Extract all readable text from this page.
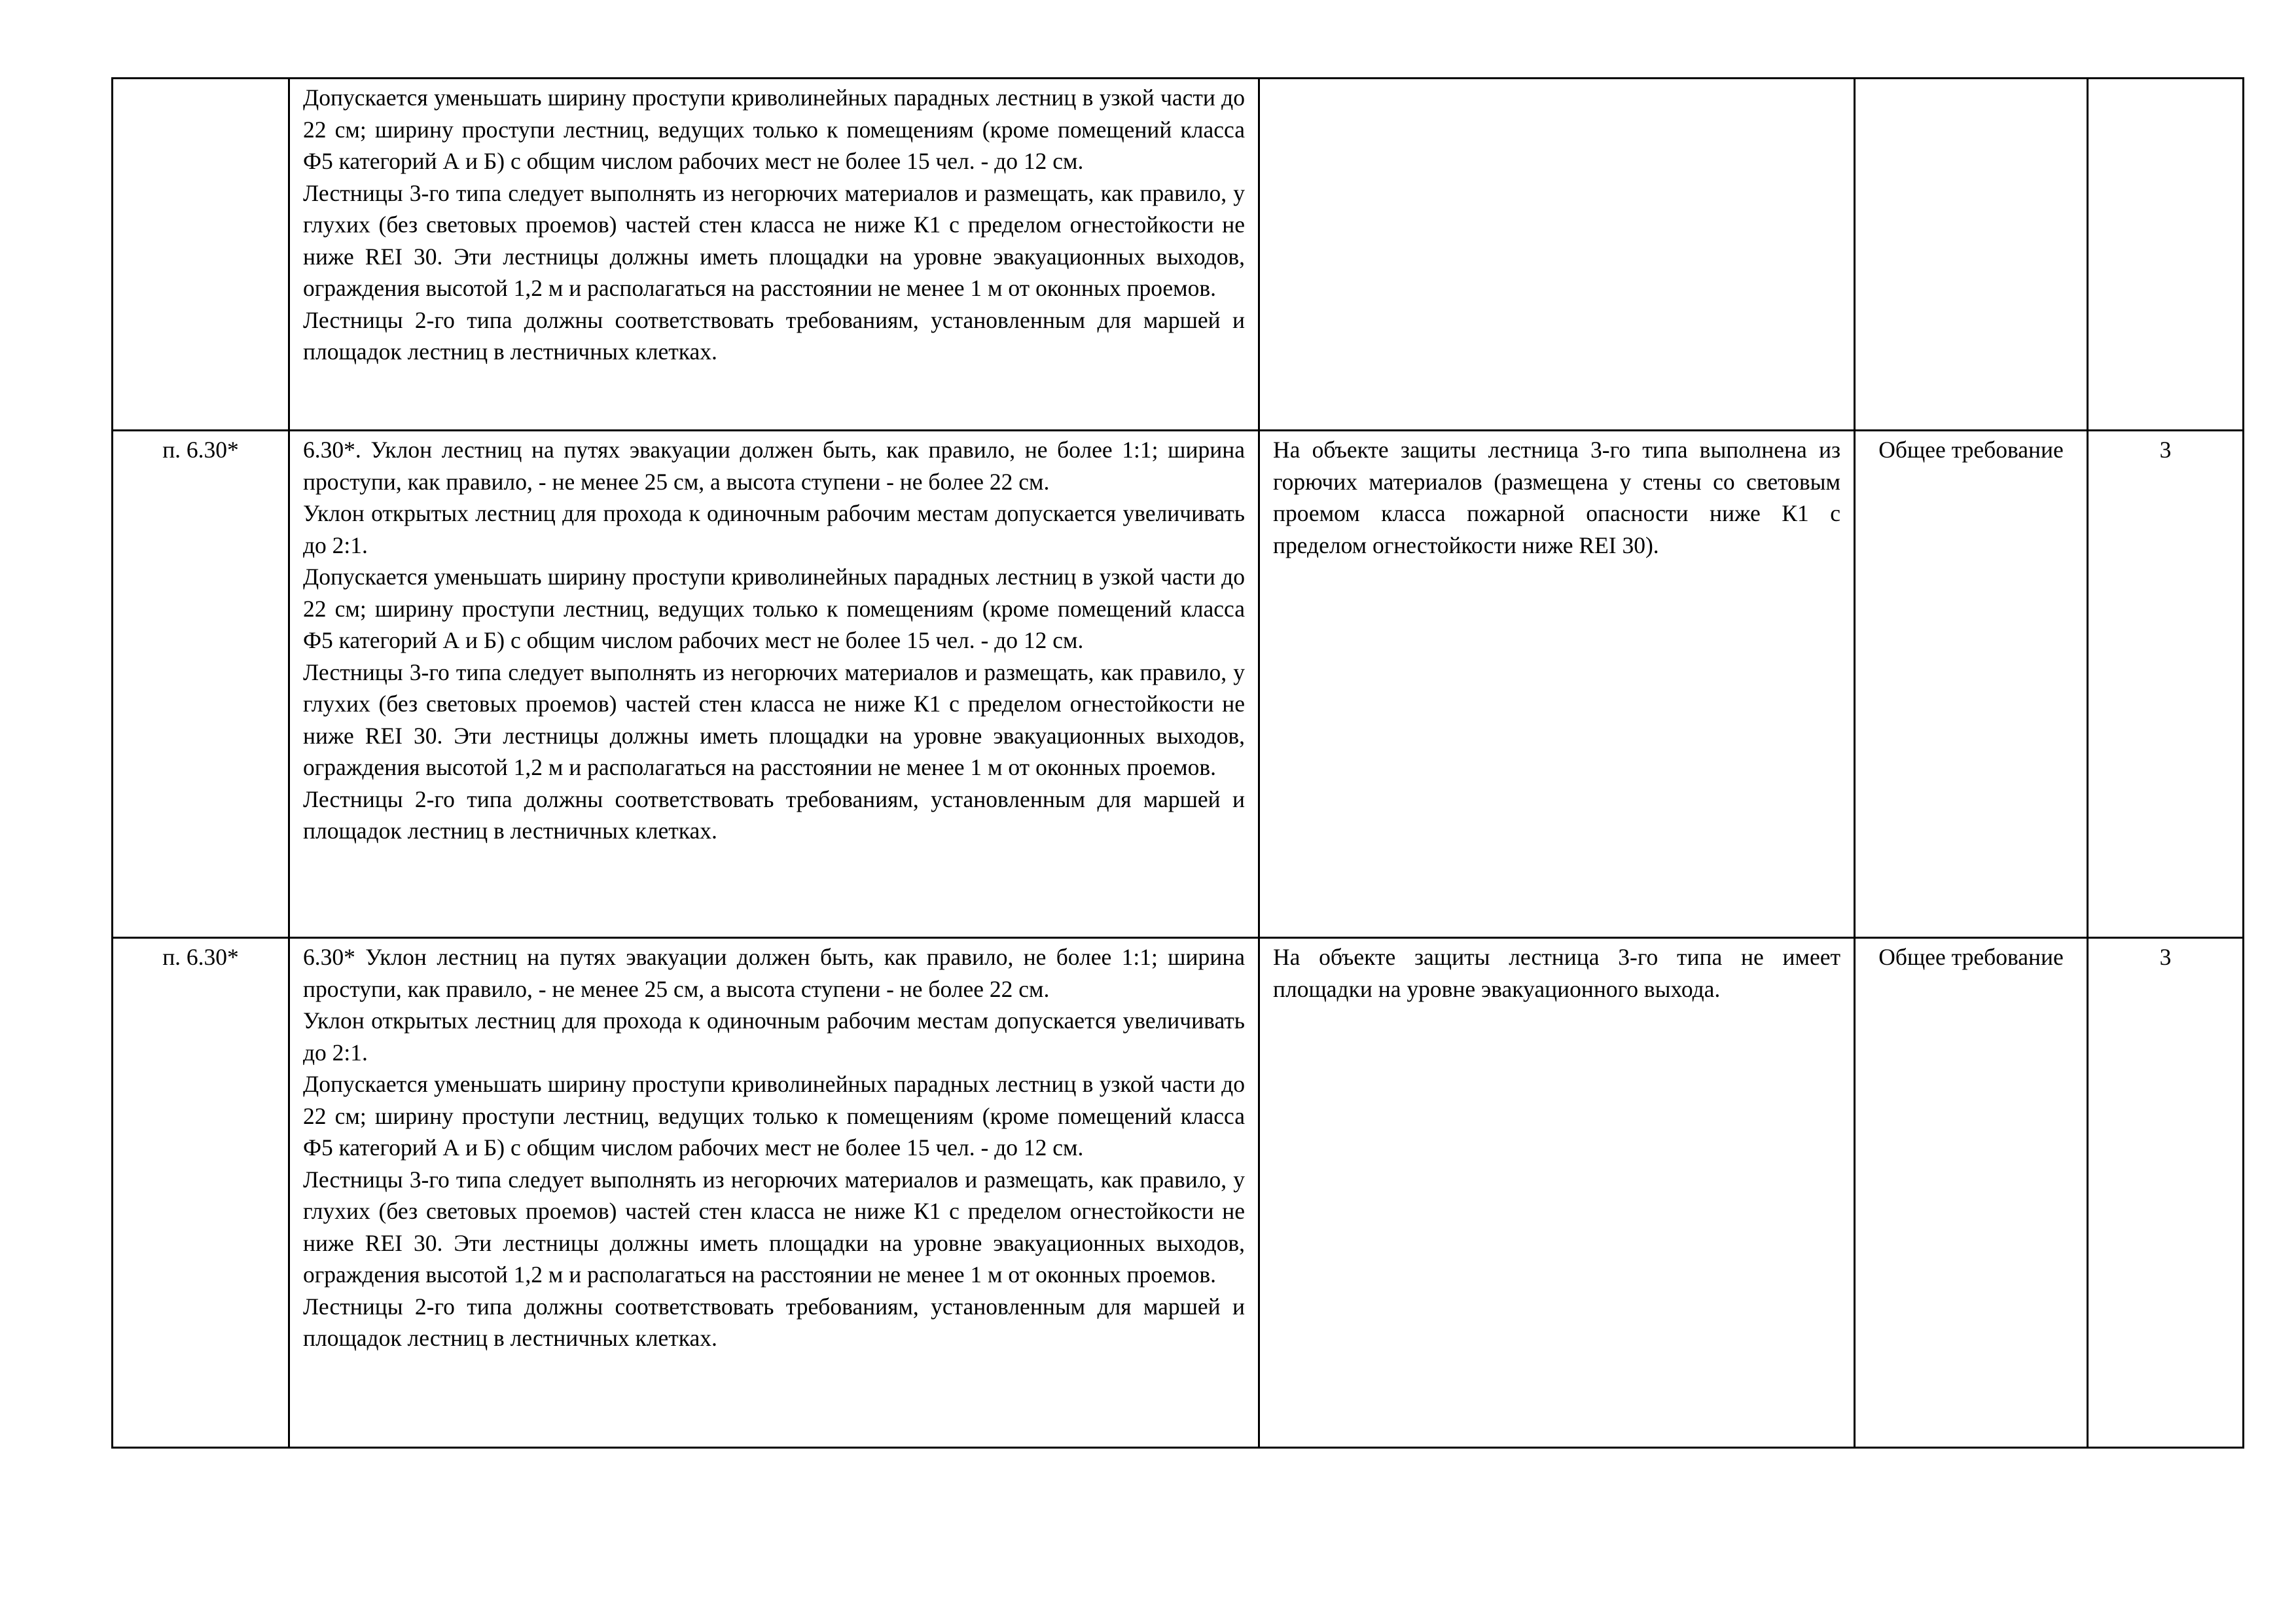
	Допускается уменьшать ширину проступи криволинейных парадных лестниц в узкой части до 22 см; ширину проступи лестниц, ведущих только к помещениям (кроме помещений класса Ф5 категорий А и Б) с общим числом рабочих мест не более 15 чел. - до 12 см.
Лестницы 3-го типа следует выполнять из негорючих материалов и размещать, как правило, у глухих (без световых проемов) частей стен класса не ниже К1 с пределом огнестойкости не ниже REI 30. Эти лестницы должны иметь площадки на уровне эвакуационных выходов, ограждения высотой 1,2 м и располагаться на расстоянии не менее 1 м от оконных проемов.
Лестницы 2-го типа должны соответствовать требованиям, установленным для маршей и площадок лестниц в лестничных клетках.			

п. 6.30*	6.30*. Уклон лестниц на путях эвакуации должен быть, как правило, не более 1:1; ширина проступи, как правило, - не менее 25 см, а высота ступени - не более 22 см.
Уклон открытых лестниц для прохода к одиночным рабочим местам допускается увеличивать до 2:1.
Допускается уменьшать ширину проступи криволинейных парадных лестниц в узкой части до 22 см; ширину проступи лестниц, ведущих только к помещениям (кроме помещений класса Ф5 категорий А и Б) с общим числом рабочих мест не более 15 чел. - до 12 см.
Лестницы 3-го типа следует выполнять из негорючих материалов и размещать, как правило, у глухих (без световых проемов) частей стен класса не ниже К1 с пределом огнестойкости не ниже REI 30. Эти лестницы должны иметь площадки на уровне эвакуационных выходов, ограждения высотой 1,2 м и располагаться на расстоянии не менее 1 м от оконных проемов.
Лестницы 2-го типа должны соответствовать требованиям, установленным для маршей и площадок лестниц в лестничных клетках.	На объекте защиты лестница 3-го типа выполнена из горючих материалов (размещена у стены со световым проемом класса пожарной опасности ниже К1 с пределом огнестойкости ниже REI 30).	Общее требование	3
п. 6.30*	6.30* Уклон лестниц на путях эвакуации должен быть, как правило, не более 1:1; ширина проступи, как правило, - не менее 25 см, а высота ступени - не более 22 см.
Уклон открытых лестниц для прохода к одиночным рабочим местам допускается увеличивать до 2:1.
Допускается уменьшать ширину проступи криволинейных парадных лестниц в узкой части до 22 см; ширину проступи лестниц, ведущих только к помещениям (кроме помещений класса Ф5 категорий А и Б) с общим числом рабочих мест не более 15 чел. - до 12 см.
Лестницы 3-го типа следует выполнять из негорючих материалов и размещать, как правило, у глухих (без световых проемов) частей стен класса не ниже К1 с пределом огнестойкости не ниже REI 30. Эти лестницы должны иметь площадки на уровне эвакуационных выходов, ограждения высотой 1,2 м и располагаться на расстоянии не менее 1 м от оконных проемов.
Лестницы 2-го типа должны соответствовать требованиям, установленным для маршей и площадок лестниц в лестничных клетках.	На объекте защиты лестница 3-го типа не имеет площадки на уровне эвакуационного выхода.	Общее требование	3
